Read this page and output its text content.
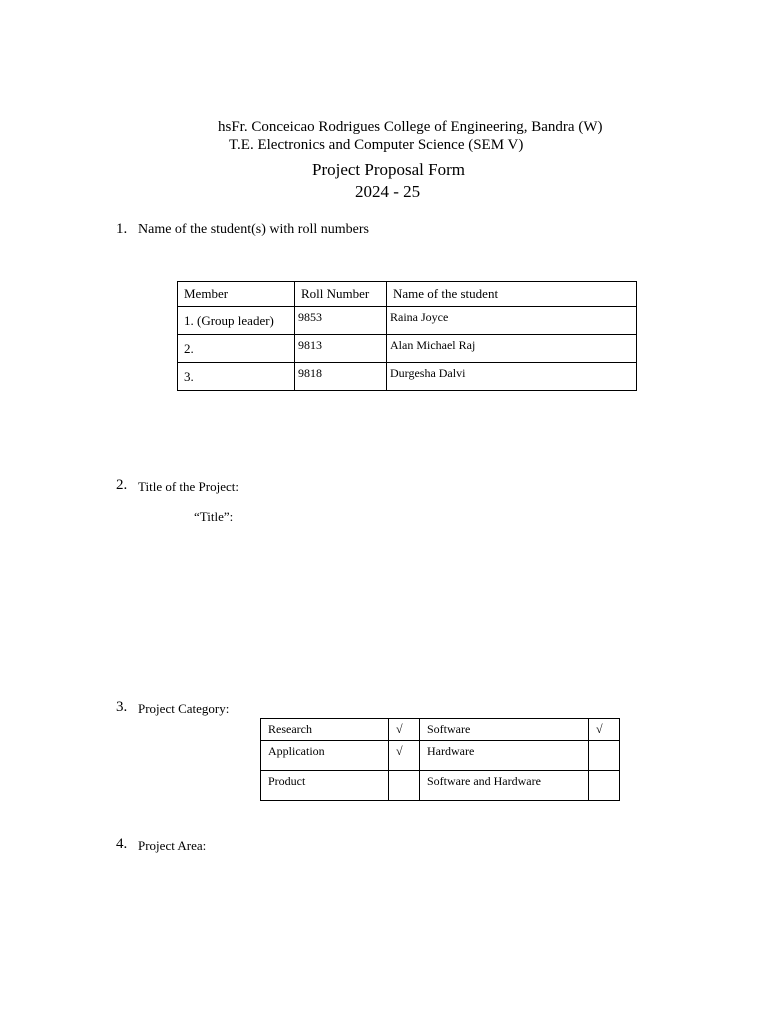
hsFr. Conceicao Rodrigues College of Engineering, Bandra (W)
T.E. Electronics and Computer Science (SEM V)
Project Proposal Form
2024 - 25
1. Name of the student(s) with roll numbers
Member	Roll Number	Name of the student
1. (Group leader)	9853	Raina Joyce
2.	9813	Alan Michael Raj
3.	9818	Durgesha Dalvi
2. Title of the Project:
“Title”:
3. Project Category:
Research	√	Software	√
Application	√	Hardware	
Product		Software and Hardware	
4. Project Area:
